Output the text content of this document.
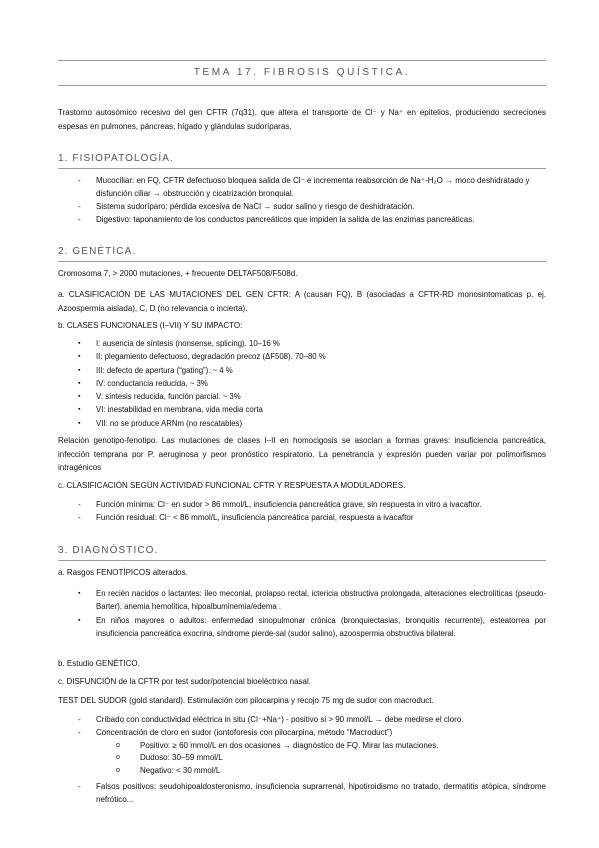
TEMA 17. FIBROSIS QUÍSTICA.

Trastorno autosómico recesivo del gen CFTR (7q31), que altera el transporte de Cl⁻ y Na⁺ en epitelios, produciendo secreciones espesas en pulmones, páncreas, hígado y glándulas sudoríparas.

1. FISIOPATOLOGÍA.
- Mucociliar: en FQ, CFTR defectuoso bloquea salida de Cl⁻ e incrementa reabsorción de Na⁺-H₂O → moco deshidratado y disfunción ciliar → obstrucción y cicatrización bronquial.
- Sistema sudoríparo: pérdida excesiva de NaCl → sudor salino y riesgo de deshidratación.
- Digestivo: taponamiento de los conductos pancreáticos que impiden la salida de las enzimas pancreáticas.
2. GENÉTICA.

Cromosoma 7, > 2000 mutaciones, + frecuente DELTAF508/F508d.

a. CLASIFICACIÓN DE LAS MUTACIONES DEL GEN CFTR: A (causan FQ), B (asociadas a CFTR-RD monosintomaticas p. ej. Azoospermia aislada), C, D (no relevancia o incierta).

b. CLASES FUNCIONALES (I–VII) Y SU IMPACTO:

▪ I: ausencia de síntesis (nonsense, splicing). 10–16 %
▪ II: plegamiento defectuoso, degradación precoz (ΔF508). 70–80 %
▪ III: defecto de apertura (“gating”). ~ 4 %
▪ IV: conductancia reducida. ~ 3%
▪ V: síntesis reducida, función parcial. ~ 3%
▪ VI: inestabilidad en membrana, vida media corta
▪ VII: no se produce ARNm (no rescatables)

Relación genotipo-fenotipo. Las mutaciones de clases I–II en homocigosis se asocian a formas graves: insuficiencia pancreática, infección temprana por P. aeruginosa y peor pronóstico respiratorio. La penetrancia y expresión pueden variar por polimorfismos intragénicos

c. CLASIFICACIÓN SEGÚN ACTIVIDAD FUNCIONAL CFTR Y RESPUESTA A MODULADORES.

- Función mínima: Cl⁻ en sudor > 86 mmol/L, insuficiencia pancreática grave, sin respuesta in vitro a ivacaftor.
- Función residual: Cl⁻ < 86 mmol/L, insuficiencia pancreática parcial, respuesta a ivacaftor
3. DIAGNÓSTICO.

a. Rasgos FENOTÍPICOS alterados.

▪ En recién nacidos o lactantes: íleo meconial, prolapso rectal, ictericia obstructiva prolongada, alteraciones electrolíticas (pseudo-Barter), anemia hemolítica, hipoalbuminemia/edema .
▪ En niños mayores o adultos: enfermedad sinopulmonar crónica (bronquiectasias, bronquitis recurrente), esteatorrea por insuficiencia pancreática exocrina, síndrome pierde-sal (sudor salino), azoospermia obstructiva bilateral.

b. Estudio GENÉTICO.

c. DISFUNCIÓN de la CFTR por test sudor/potencial bioeléctrico nasal.

TEST DEL SUDOR (gold standard). Estimulación con pilocarpina y recojo 75 mg de sudor con macroduct.

- Cribado con conductividad eléctrica in situ (Cl⁻+Na⁺) - positivo si > 90 mmol/L → debe medirse el cloro.
- Concentración de cloro en sudor (iontoforesis con pilocarpina, método “Macroduct”)
o Positivo: ≥ 60 mmol/L en dos ocasiones → diagnóstico de FQ. Mirar las mutaciones.
o Dudoso: 30–59 mmol/L
o Negativo: < 30 mmol/L
- Falsos positivos: seudohipoaldosteronismo, insuficiencia suprarrenal, hipotiroidismo no tratado, dermatitis atópica, síndrome nefrótico...
